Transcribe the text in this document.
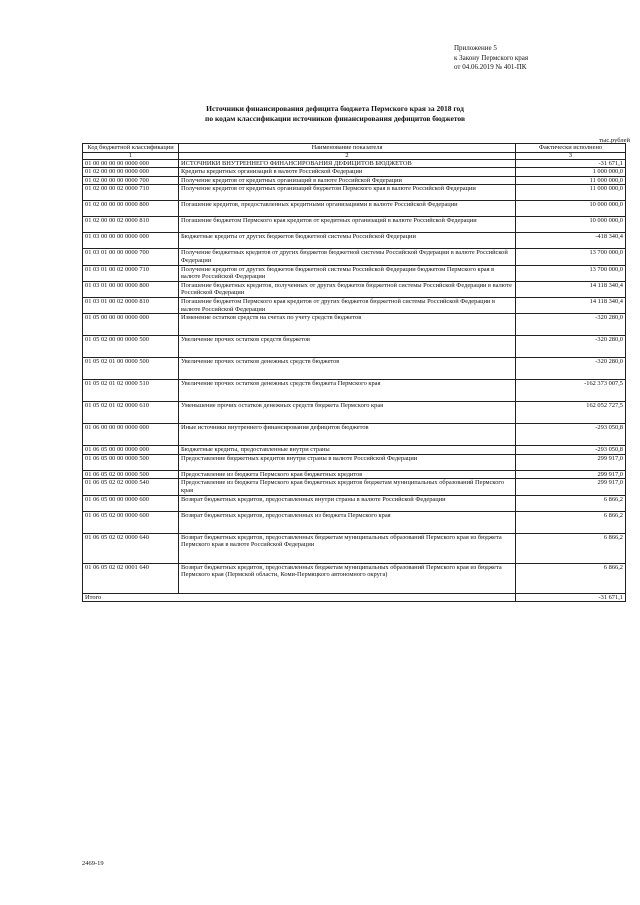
Приложение 5
к Закону Пермского края
от 04.06.2019 № 401-ПК
Источники финансирования дефицита бюджета Пермского края за 2018 год
по кодам классификации источников финансирования дефицитов бюджетов
тыс.рублей
Код бюджетной классификации	Наименование показателя	Фактически исполнено
1	2	3
01 00 00 00 00 0000 000	ИСТОЧНИКИ ВНУТРЕННЕГО ФИНАНСИРОВАНИЯ ДЕФИЦИТОВ БЮДЖЕТОВ	-31 671,1
01 02 00 00 00 0000 000	Кредиты кредитных организаций в валюте Российской Федерации	1 000 000,0
01 02 00 00 00 0000 700	Получение кредитов от кредитных организаций в валюте Российской Федерации	11 000 000,0
01 02 00 00 02 0000 710	Получение кредитов от кредитных организаций бюджетом Пермского края в валюте Российской Федерации	11 000 000,0
01 02 00 00 00 0000 800	Погашение кредитов, предоставленных кредитными организациями в валюте Российской Федерации	10 000 000,0
01 02 00 00 02 0000 810	Погашение бюджетом Пермского края кредитов от кредитных организаций в валюте Российской Федерации	10 000 000,0
01 03 00 00 00 0000 000	Бюджетные кредиты от других бюджетов бюджетной системы Российской Федерации	-418 340,4
01 03 01 00 00 0000 700	Получение бюджетных кредитов от других бюджетов бюджетной системы Российской Федерации в валюте Российской Федерации	13 700 000,0
01 03 01 00 02 0000 710	Получение кредитов от других бюджетов бюджетной системы Российской Федерации бюджетом Пермского края в валюте Российской Федерации	13 700 000,0
01 03 01 00 00 0000 800	Погашение бюджетных кредитов, полученных от других бюджетов бюджетной системы Российской Федерации в валюте Российской Федерации	14 118 340,4
01 03 01 00 02 0000 810	Погашение бюджетом Пермского края кредитов от других бюджетов бюджетной системы Российской Федерации в валюте Российской Федерации	14 118 340,4
01 05 00 00 00 0000 000	Изменение остатков средств на счетах по учету средств бюджетов	-320 280,0
01 05 02 00 00 0000 500	Увеличение прочих остатков средств бюджетов	-320 280,0
01 05 02 01 00 0000 500	Увеличение прочих остатков денежных средств бюджетов	-320 280,0
01 05 02 01 02 0000 510	Увеличение прочих остатков денежных средств бюджета Пермского края	-162 373 007,5
01 05 02 01 02 0000 610	Уменьшение прочих остатков денежных средств бюджета Пермского края	162 052 727,5
01 06 00 00 00 0000 000	Иные источники внутреннего финансирования дефицитов бюджетов	-293 050,8
01 06 05 00 00 0000 000	Бюджетные кредиты, предоставленные внутри страны	-293 050,8
01 06 05 00 00 0000 500	Предоставление бюджетных кредитов внутри страны в валюте Российской Федерации	299 917,0
01 06 05 02 00 0000 500	Предоставление из бюджета Пермского края бюджетных кредитов	299 917,0
01 06 05 02 02 0000 540	Предоставление из бюджета Пермского края бюджетных кредитов бюджетам муниципальных образований Пермского края	299 917,0
01 06 05 00 00 0000 600	Возврат бюджетных кредитов, предоставленных внутри страны в валюте Российской Федерации	6 866,2
01 06 05 02 00 0000 600	Возврат бюджетных кредитов, предоставленных из бюджета Пермского края	6 866,2
01 06 05 02 02 0000 640	Возврат бюджетных кредитов, предоставленных бюджетам муниципальных образований Пермского края из бюджета Пермского края в валюте Российской Федерации	6 866,2
01 06 05 02 02 0001 640	Возврат бюджетных кредитов, предоставленных бюджетам муниципальных образований Пермского края из бюджета Пермского края (Пермской области, Коми-Пермяцкого автономного округа)	6 866,2
Итого		-31 671,1
2469-19
